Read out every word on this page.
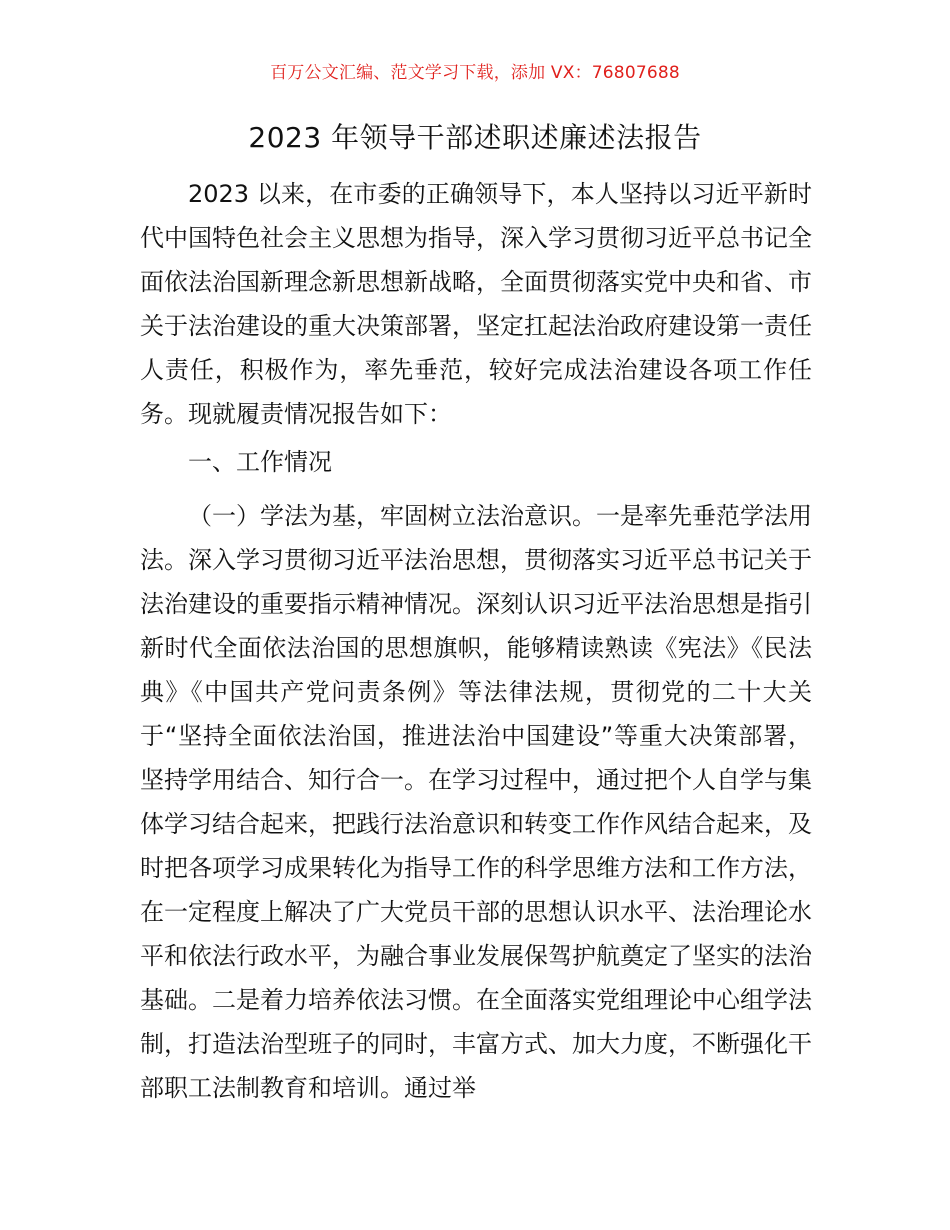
百万公文汇编、范文学习下载，添加 VX：76807688
2023 年领导干部述职述廉述法报告

2023 以来，在市委的正确领导下，本人坚持以习近平新时代中国特色社会主义思想为指导，深入学习贯彻习近平总书记全面依法治国新理念新思想新战略，全面贯彻落实党中央和省、市关于法治建设的重大决策部署，坚定扛起法治政府建设第一责任人责任，积极作为，率先垂范，较好完成法治建设各项工作任务。现就履责情况报告如下：

一、工作情况

（一）学法为基，牢固树立法治意识。一是率先垂范学法用法。深入学习贯彻习近平法治思想，贯彻落实习近平总书记关于法治建设的重要指示精神情况。深刻认识习近平法治思想是指引新时代全面依法治国的思想旗帜，能够精读熟读《宪法》《民法典》《中国共产党问责条例》等法律法规，贯彻党的二十大关于“坚持全面依法治国，推进法治中国建设”等重大决策部署，坚持学用结合、知行合一。在学习过程中，通过把个人自学与集体学习结合起来，把践行法治意识和转变工作作风结合起来，及时把各项学习成果转化为指导工作的科学思维方法和工作方法，在一定程度上解决了广大党员干部的思想认识水平、法治理论水平和依法行政水平，为融合事业发展保驾护航奠定了坚实的法治基础。二是着力培养依法习惯。在全面落实党组理论中心组学法制，打造法治型班子的同时，丰富方式、加大力度，不断强化干部职工法制教育和培训。通过举
